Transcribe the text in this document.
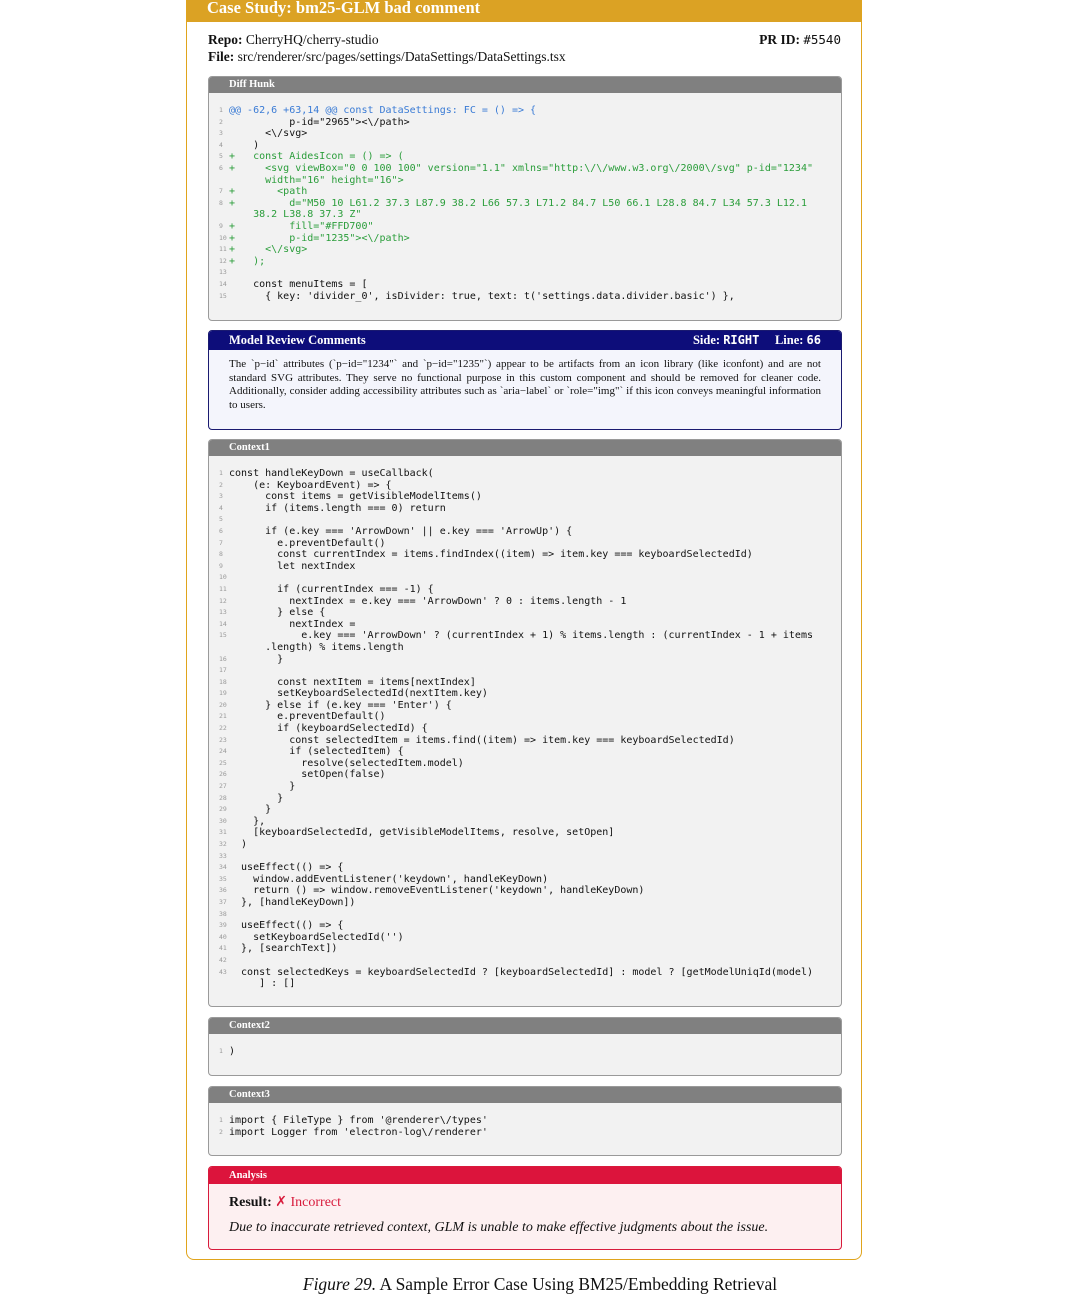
Case Study: bm25-GLM bad comment
Repo: CherryHQ/cherry-studio
File: src/renderer/src/pages/settings/DataSettings/DataSettings.tsx
PR ID: #5540
Diff Hunk
1 @@ -62,6 +63,14 @@ const DataSettings: FC = () => {
2          p-id="2965"><\/path>
3      <\/svg>
4    )
5 +   const AidesIcon = () => (
6 +     <svg viewBox="0 0 100 100" version="1.1" xmlns="http:\/\/www.w3.org\/2000\/svg" p-id="1234"
width="16" height="16">
7 +       <path
8 +         d="M50 10 L61.2 37.3 L87.9 38.2 L66 57.3 L71.2 84.7 L50 66.1 L28.8 84.7 L34 57.3 L12.1
38.2 L38.8 37.3 Z"
9 +         fill="#FFD700"
10 +         p-id="1235"><\/path>
11 +     <\/svg>
12 +   );
13
14    const menuItems = [
15      { key: 'divider_0', isDivider: true, text: t('settings.data.divider.basic') },
Model Review Comments	Side: RIGHT Line: 66
The `p−id` attributes (`p−id="1234"` and `p−id="1235"`) appear to be artifacts from an icon library (like iconfont) and are not standard SVG attributes. They serve no functional purpose in this custom component and should be removed for cleaner code. Additionally, consider adding accessibility attributes such as `aria−label` or `role="img"` if this icon conveys meaningful information to users.
Context1
1 const handleKeyDown = useCallback(
2    (e: KeyboardEvent) => {
3      const items = getVisibleModelItems()
4      if (items.length === 0) return
5
6      if (e.key === 'ArrowDown' || e.key === 'ArrowUp') {
7        e.preventDefault()
8        const currentIndex = items.findIndex((item) => item.key === keyboardSelectedId)
9        let nextIndex
10
11        if (currentIndex === -1) {
12          nextIndex = e.key === 'ArrowDown' ? 0 : items.length - 1
13        } else {
14          nextIndex =
15	e.key === 'ArrowDown' ? (currentIndex + 1) % items.length : (currentIndex - 1 + items
.length) % items.length
16        }
17
18        const nextItem = items[nextIndex]
19        setKeyboardSelectedId(nextItem.key)
20      } else if (e.key === 'Enter') {
21        e.preventDefault()
22        if (keyboardSelectedId) {
23          const selectedItem = items.find((item) => item.key === keyboardSelectedId)
24          if (selectedItem) {
25            resolve(selectedItem.model)
26            setOpen(false)
27          }
28        }
29      }
30    },
31    [keyboardSelectedId, getVisibleModelItems, resolve, setOpen]
32  )
33
34  useEffect(() => {
35    window.addEventListener('keydown', handleKeyDown)
36    return () => window.removeEventListener('keydown', handleKeyDown)
37  }, [handleKeyDown])
38
39  useEffect(() => {
40    setKeyboardSelectedId('')
41  }, [searchText])
42
43  const selectedKeys = keyboardSelectedId ? [keyboardSelectedId] : model ? [getModelUniqId(model)
] : []
Context2
1 )
Context3
1 import { FileType } from '@renderer\/types'
2 import Logger from 'electron-log\/renderer'
Analysis
Result: ✗ Incorrect
Due to inaccurate retrieved context, GLM is unable to make effective judgments about the issue.
Figure 29. A Sample Error Case Using BM25/Embedding Retrieval
